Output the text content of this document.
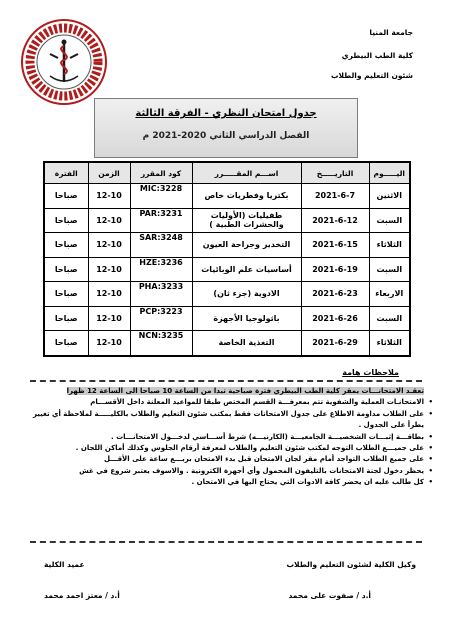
جامعة المنيا
كلية الطب البيطري
شئون التعليم والطلاب
جدول امتحان النظري - الفرقة الثالثة
الفصل الدراسي الثاني 2020-2021 م
اليـــــوم	التاريـــــخ	اســـم المقـــــرر	كود المقرر	الزمن	الفترة
الاثنين	2021-6-7	بكتريا وفطريات خاص	MIC:3228	12-10	صباحا
السبت	2021-6-12	طفيليات (الأوليات والحشرات الطبية )	PAR:3231	12-10	صباحا
الثلاثاء	2021-6-15	التخدير وجراحة العيون	SAR:3248	12-10	صباحا
السبت	2021-6-19	أساسيات علم الوبائيات	HZE:3236	12-10	صباحا
الاربعاء	2021-6-23	الادوية (جزء ثان)	PHA:3233	12-10	صباحا
السبت	2021-6-26	باثولوجيا الأجهزة	PCP:3223	12-10	صباحا
الثلاثاء	2021-6-29	التغذية الخاصة	NCN:3235	12-10	صباحا
ملاحظات هامة
تعقـد الامتحانـــات بمقر كلية الطب البيطري فترة صباحية تبدا من الساعة 10 صباحا الى الساعة 12 ظهرا
• الامتحانـات العملية والشفوية تتم بمعرفـــة القسم المختص طبقا للمواعيد المعلنة داخل الأقســـام
• على الطلاب مداومة الاطلاع على جدول الامتحانات فقط بمكتب شئون التعليم والطلاب بالكليـــــة لملاحظة أي تغيير يطرأ على الجدول .
• بطاقـــة إثبـــات الشخصيـــة الجامعيـــة (الكارنيـــه) شرط أســـاسي لدخـــول الامتحانـــات .
• على جميـــع الطلاب التوجه لمكتب شئون التعليم والطلاب لمعرفة أرقام الجلوس وكذلك أماكن اللجان .
• على جميع الطلاب التواجد أمام مقر لجان الامتحان قبل بدء الامتحان بربـــع ساعة على الأقـــل
• يحظر دخول لجنة الامتحانات بالتليفون المحمول وأي أجهزة الكترونية . والاسوف يعتبر شروع في غش
• كل طالب عليه ان يحضر كافة الادوات التي يحتاج اليها في الامتحان .
وكيل الكلية لشئون التعليم والطلاب
عميد الكلية
أ.د / صفوت على محمد
أ.د / معتز احمد محمد
